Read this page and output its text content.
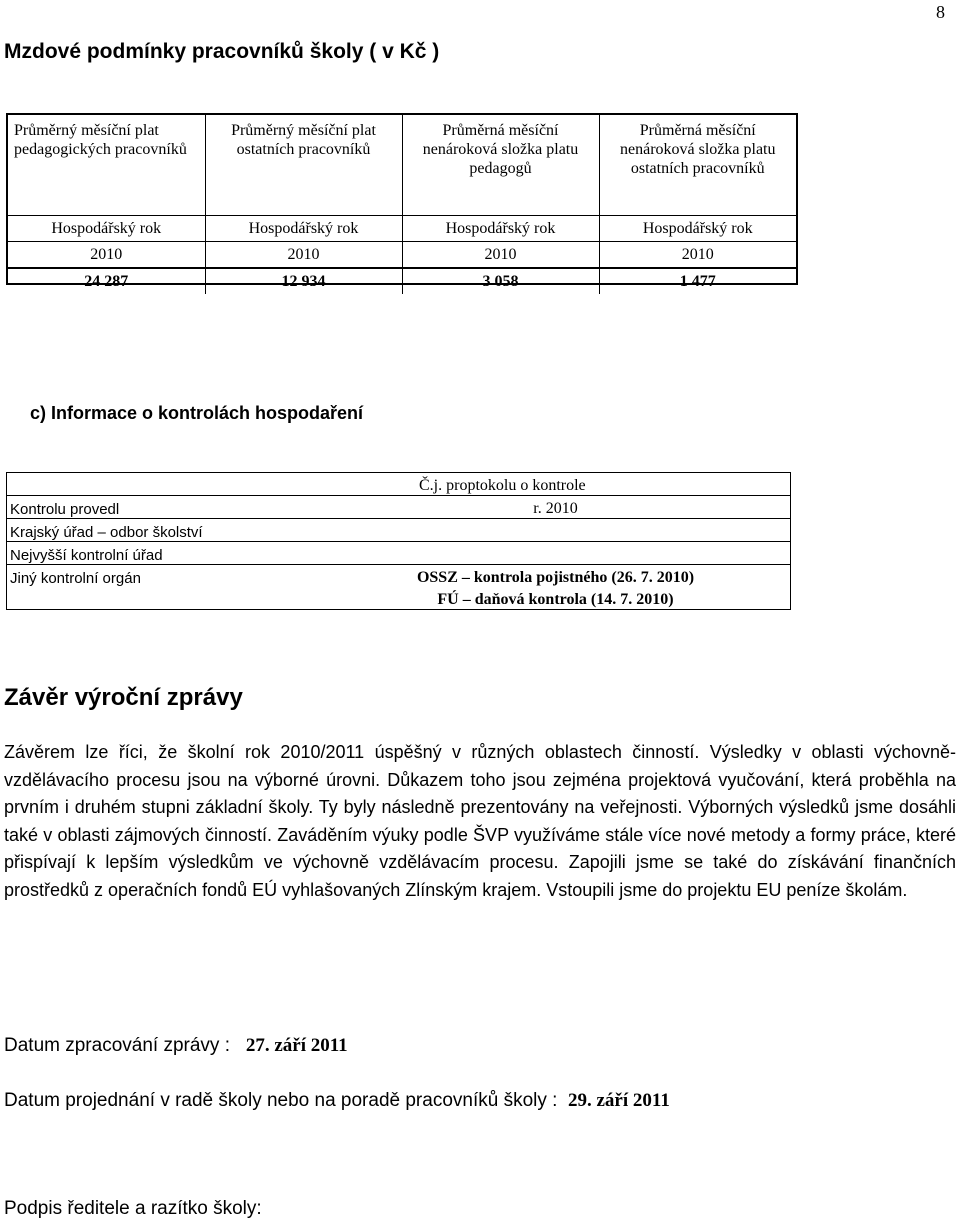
8
Mzdové podmínky pracovníků školy ( v Kč )
Průměrný měsíční plat pedagogických pracovníků	Průměrný měsíční plat ostatních pracovníků	Průměrná měsíční nenároková složka platu pedagogů	Průměrná měsíční nenároková složka platu ostatních pracovníků
Hospodářský rok	Hospodářský rok	Hospodářský rok	Hospodářský rok
2010	2010	2010	2010
24 287	12 934	3 058	1 477
c) Informace o kontrolách hospodaření
	Č.j. proptokolu o kontrole
Kontrolu provedl	r. 2010
Krajský úřad – odbor školství	
Nejvyšší kontrolní úřad	
Jiný kontrolní orgán	OSSZ – kontrola pojistného (26. 7. 2010)
	FÚ – daňová kontrola (14. 7. 2010)
Závěr výroční zprávy
Závěrem lze říci, že školní rok 2010/2011 úspěšný v různých oblastech činností. Výsledky v oblasti výchovně-vzdělávacího procesu jsou na výborné úrovni. Důkazem toho jsou zejména projektová vyučování, která proběhla na prvním i druhém stupni základní školy. Ty byly následně prezentovány na veřejnosti. Výborných výsledků jsme dosáhli také v oblasti zájmových činností. Zaváděním výuky podle ŠVP využíváme stále více nové metody a formy práce, které přispívají k lepším výsledkům ve výchovně vzdělávacím procesu. Zapojili jsme se také do získávání finančních prostředků z operačních fondů EÚ vyhlašovaných Zlínským krajem. Vstoupili jsme do projektu EU peníze školám.
Datum zpracování zprávy : 27. září 2011
Datum projednání v radě školy nebo na poradě pracovníků školy : 29. září 2011
Podpis ředitele a razítko školy:
